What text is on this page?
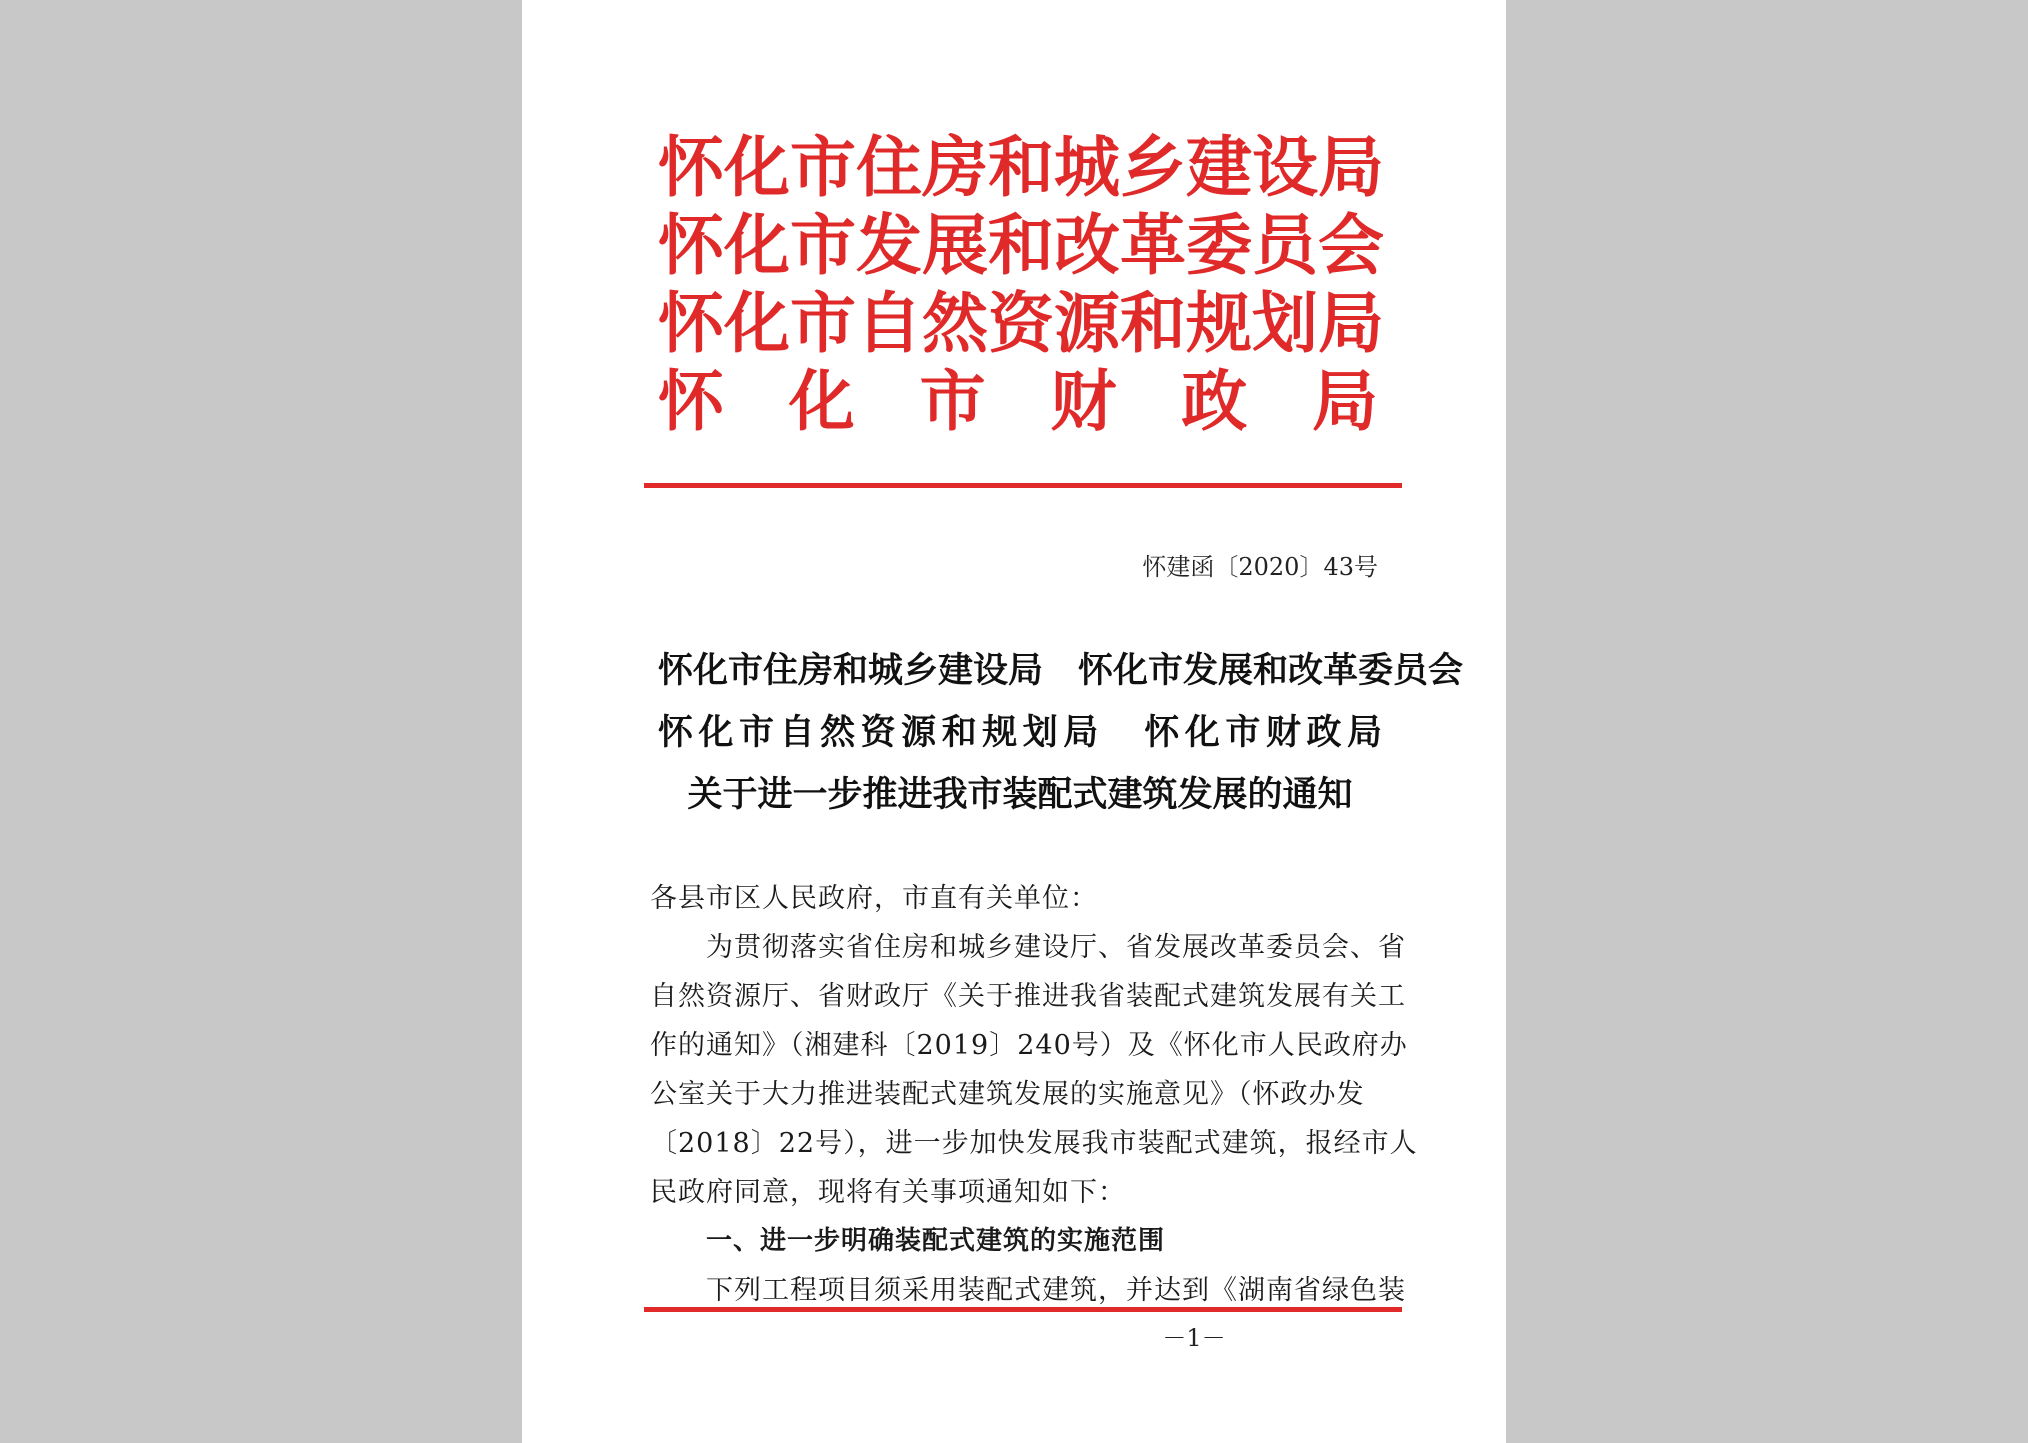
怀化市住房和城乡建设局
怀化市发展和改革委员会
怀化市自然资源和规划局
怀化市财政局
怀建函〔2020〕43号
怀化市住房和城乡建设局　怀化市发展和改革委员会
怀化市自然资源和规划局　怀化市财政局
关于进一步推进我市装配式建筑发展的通知
各县市区人民政府，市直有关单位：
为贯彻落实省住房和城乡建设厅、省发展改革委员会、省
自然资源厅、省财政厅《关于推进我省装配式建筑发展有关工
作的通知》（湘建科〔2019〕240号）及《怀化市人民政府办
公室关于大力推进装配式建筑发展的实施意见》（怀政办发
〔2018〕22号），进一步加快发展我市装配式建筑，报经市人
民政府同意，现将有关事项通知如下：
一、进一步明确装配式建筑的实施范围
下列工程项目须采用装配式建筑，并达到《湖南省绿色装
－1－
